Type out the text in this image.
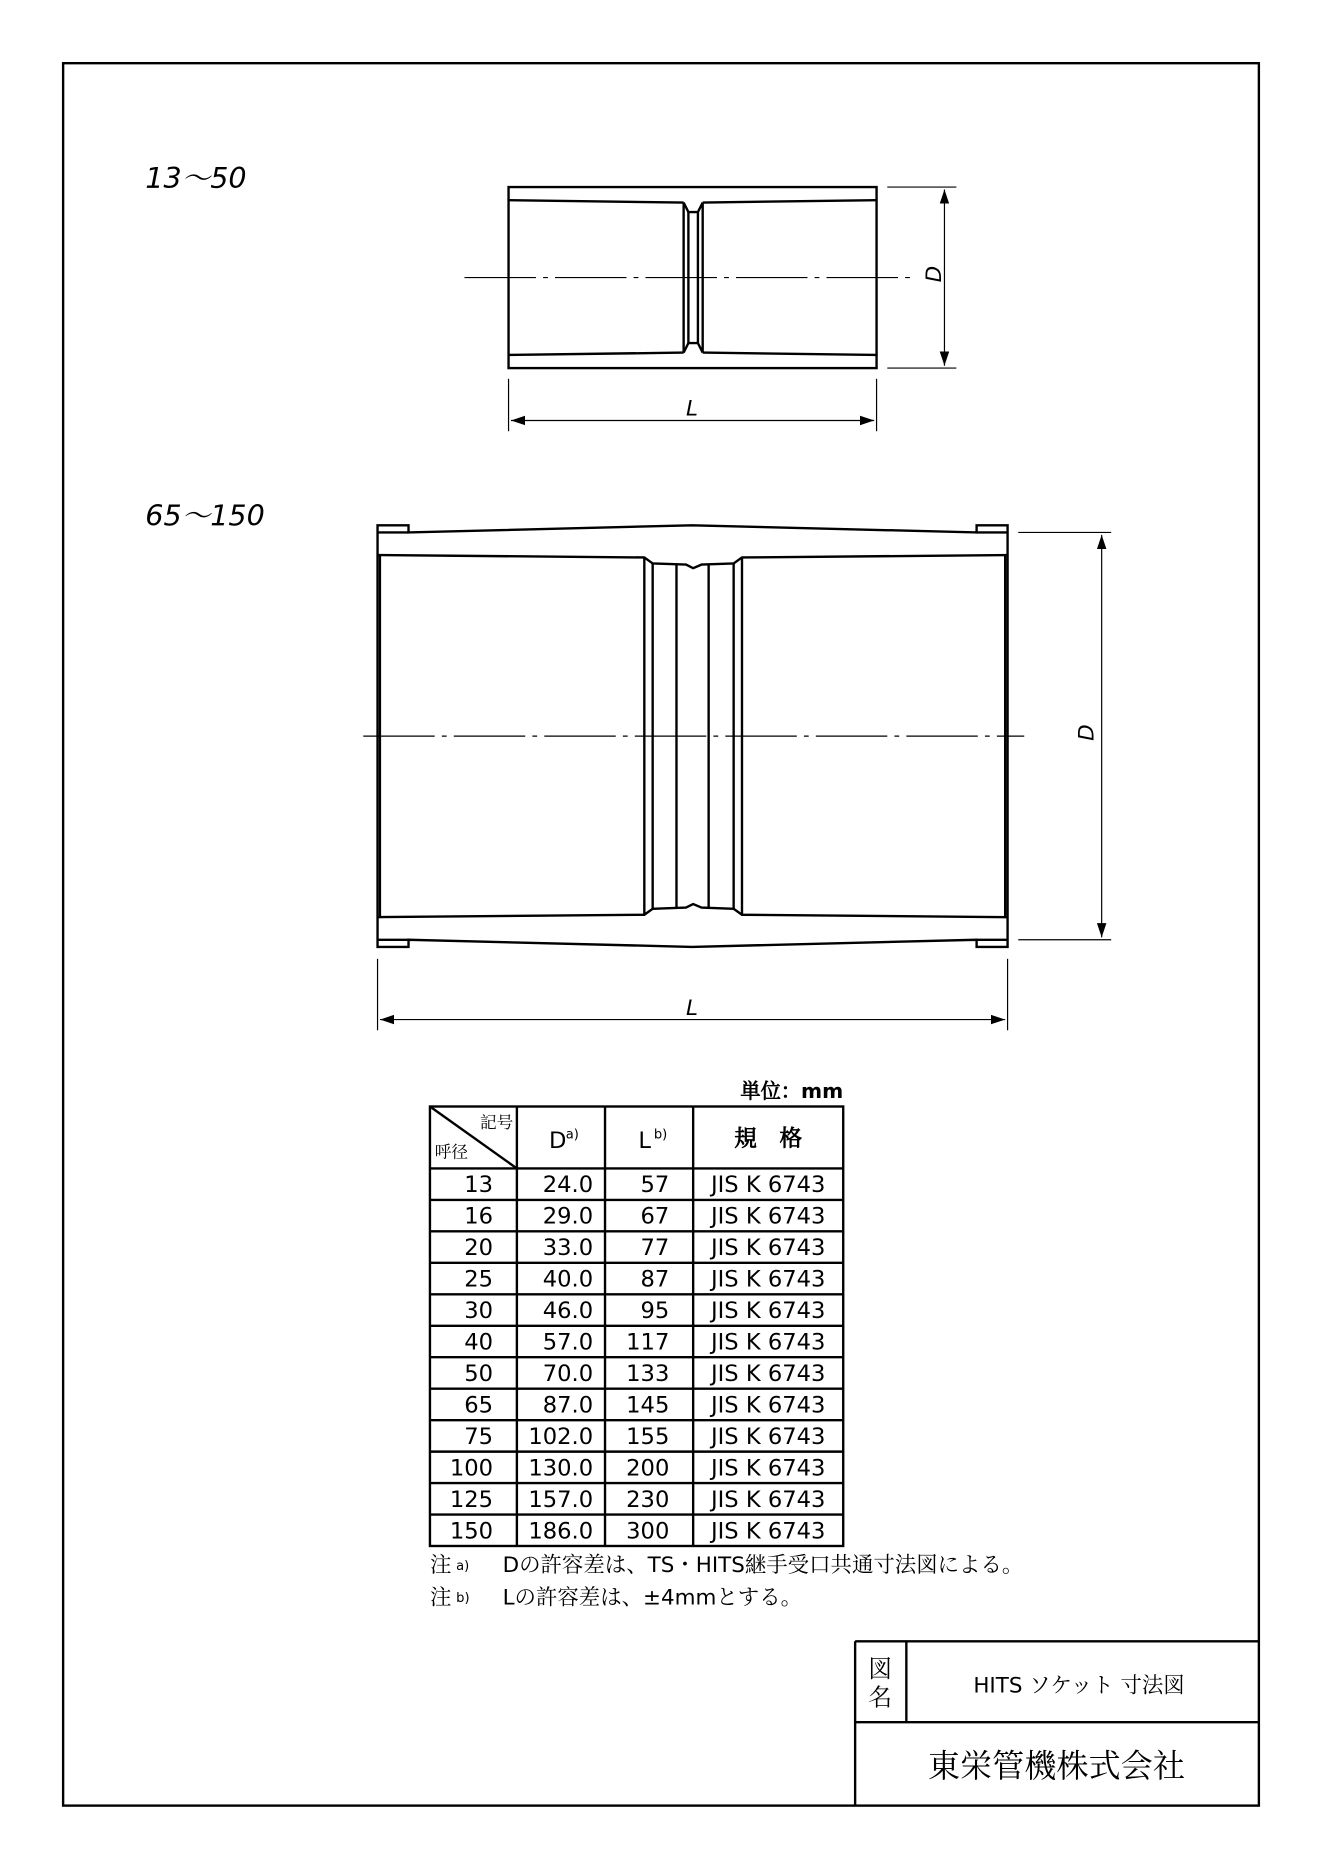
13～50
D
L
65～150
D
L
単位：mm
記号
呼径	D a)	L b)	規　格
13	24.0 57 JIS K 6743
16	29.0 67 JIS K 6743
20	33.0 77 JIS K 6743
25	40.0 87 JIS K 6743
30	46.0 95 JIS K 6743
40	57.0 117 JIS K 6743
50	70.0 133 JIS K 6743
65	87.0 145 JIS K 6743
75 102.0 155 JIS K 6743
100 130.0 200 JIS K 6743
125 157.0 230 JIS K 6743
150 186.0 300 JIS K 6743
注 a) Dの許容差は、TS・HITS継手受口共通寸法図による。
注 b) Lの許容差は、±4mmとする。
図
名	HITS ソケット 寸法図
東栄管機株式会社
